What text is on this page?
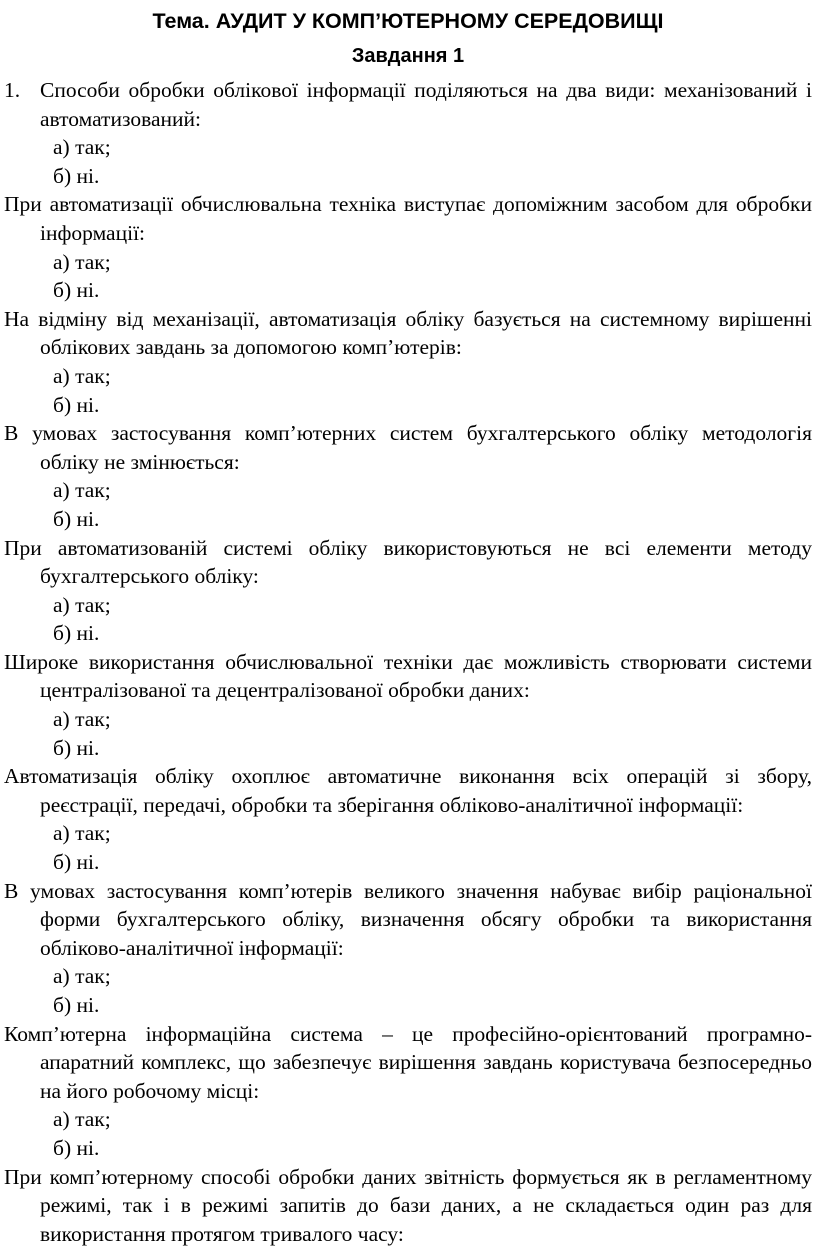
Тема. АУДИТ У КОМП’ЮТЕРНОМУ СЕРЕДОВИЩІ
Завдання 1

1. Способи обробки облікової інформації поділяються на два види: механізований і автоматизований:

а) так;

б) ні.

При автоматизації обчислювальна техніка виступає допоміжним засобом для обробки інформації:

а) так;

б) ні.

На відміну від механізації, автоматизація обліку базується на системному вирішенні облікових завдань за допомогою комп’ютерів:

а) так;

б) ні.

В умовах застосування комп’ютерних систем бухгалтерського обліку методологія обліку не змінюється:

а) так;

б) ні.

При автоматизованій системі обліку використовуються не всі елементи методу бухгалтерського обліку:

а) так;

б) ні.

Широке використання обчислювальної техніки дає можливість створювати системи централізованої та децентралізованої обробки даних:

а) так;

б) ні.

Автоматизація обліку охоплює автоматичне виконання всіх операцій зі збору, реєстрації, передачі, обробки та зберігання обліково-аналітичної інформації:

а) так;

б) ні.

В умовах застосування комп’ютерів великого значення набуває вибір раціональної форми бухгалтерського обліку, визначення обсягу обробки та використання обліково-аналітичної інформації:

а) так;

б) ні.

Комп’ютерна інформаційна система – це професійно-орієнтований програмно-апаратний комплекс, що забезпечує вирішення завдань користувача безпосередньо на його робочому місці:

а) так;

б) ні.

При комп’ютерному способі обробки даних звітність формується як в регламентному режимі, так і в режимі запитів до бази даних, а не складається один раз для використання протягом тривалого часу:
